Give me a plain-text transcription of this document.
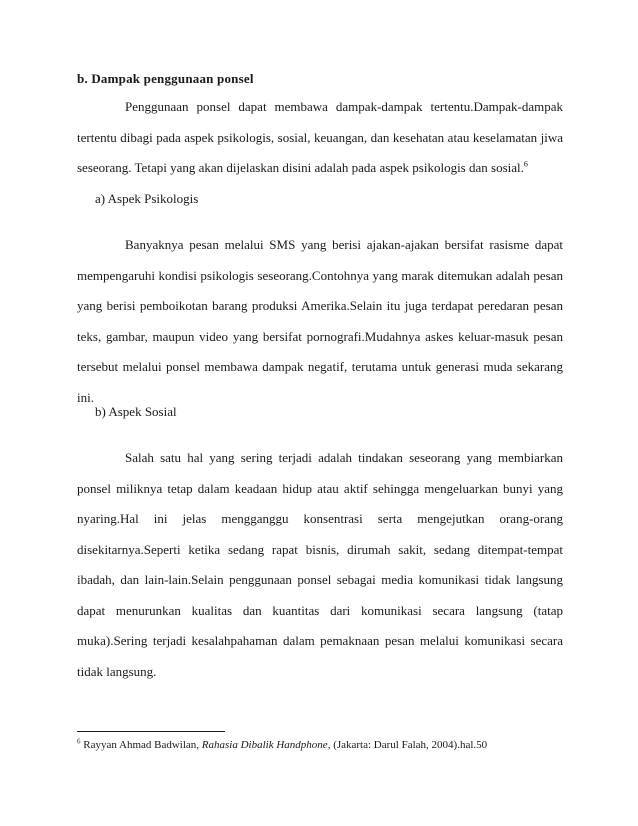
b. Dampak penggunaan ponsel

Penggunaan ponsel dapat membawa dampak-dampak tertentu.Dampak-dampak tertentu dibagi pada aspek psikologis, sosial, keuangan, dan kesehatan atau keselamatan jiwa seseorang. Tetapi yang akan dijelaskan disini adalah pada aspek psikologis dan sosial.$^6$

a) Aspek Psikologis

Banyaknya pesan melalui SMS yang berisi ajakan-ajakan bersifat rasisme dapat mempengaruhi kondisi psikologis seseorang.Contohnya yang marak ditemukan adalah pesan yang berisi pemboikotan barang produksi Amerika.Selain itu juga terdapat peredaran pesan teks, gambar, maupun video yang bersifat pornografi.Mudahnya askes keluar-masuk pesan tersebut melalui ponsel membawa dampak negatif, terutama untuk generasi muda sekarang ini.

b) Aspek Sosial

Salah satu hal yang sering terjadi adalah tindakan seseorang yang membiarkan ponsel miliknya tetap dalam keadaan hidup atau aktif sehingga mengeluarkan bunyi yang nyaring.Hal ini jelas mengganggu konsentrasi serta mengejutkan orang-orang disekitarnya.Seperti ketika sedang rapat bisnis, dirumah sakit, sedang ditempat-tempat ibadah, dan lain-lain.Selain penggunaan ponsel sebagai media komunikasi tidak langsung dapat menurunkan kualitas dan kuantitas dari komunikasi secara langsung (tatap muka).Sering terjadi kesalahpahaman dalam pemaknaan pesan melalui komunikasi secara tidak langsung.

$^6$ Rayyan Ahmad Badwilan, Rahasia Dibalik Handphone, (Jakarta: Darul Falah, 2004).hal.50
